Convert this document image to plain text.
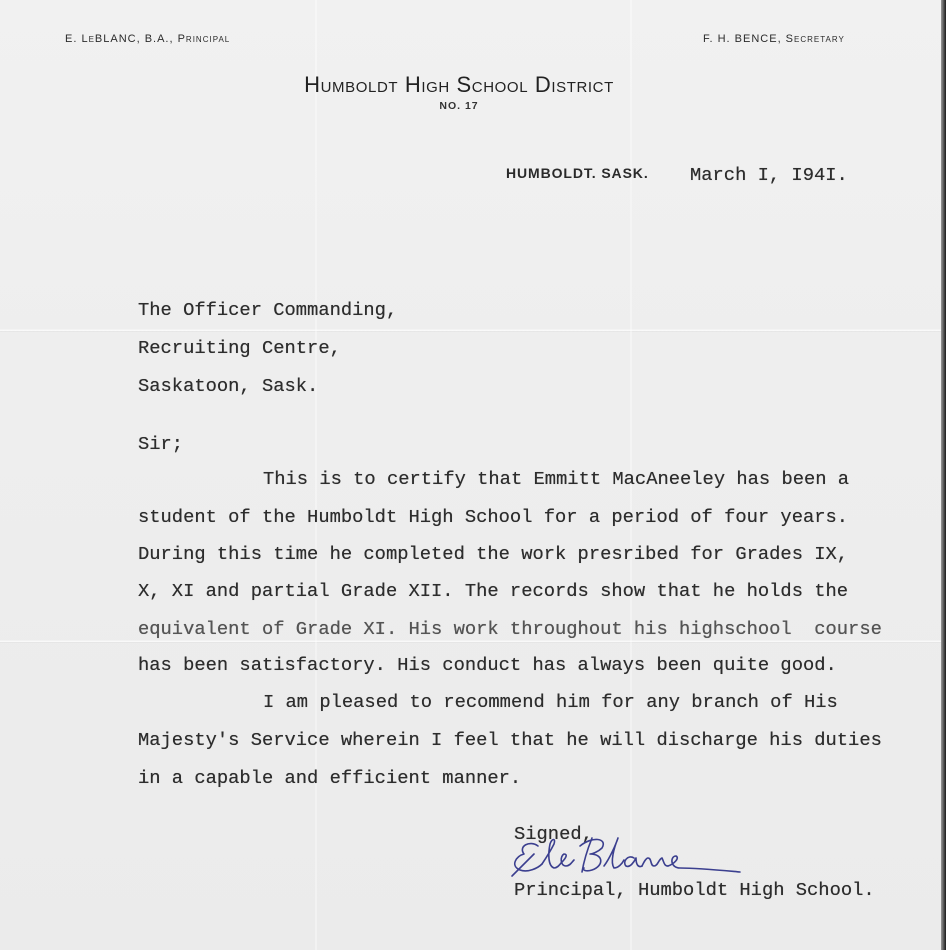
E. LeBLANC, B.A., Principal	F. H. BENCE, Secretary
Humboldt High School District
NO. 17
HUMBOLDT. SASK. March I, I94I.
The Officer Commanding,
Recruiting Centre,
Saskatoon, Sask.
Sir;
This is to certify that Emmitt MacAneeley has been a
student of the Humboldt High School for a period of four years.
During this time he completed the work presribed for Grades IX,
X, XI and partial Grade XII. The records show that he holds the
equivalent of Grade XI. His work throughout his highschool  course
has been satisfactory. His conduct has always been quite good.
I am pleased to recommend him for any branch of His
Majesty's Service wherein I feel that he will discharge his duties
in a capable and efficient manner.
Signed,
Principal, Humboldt High School.
